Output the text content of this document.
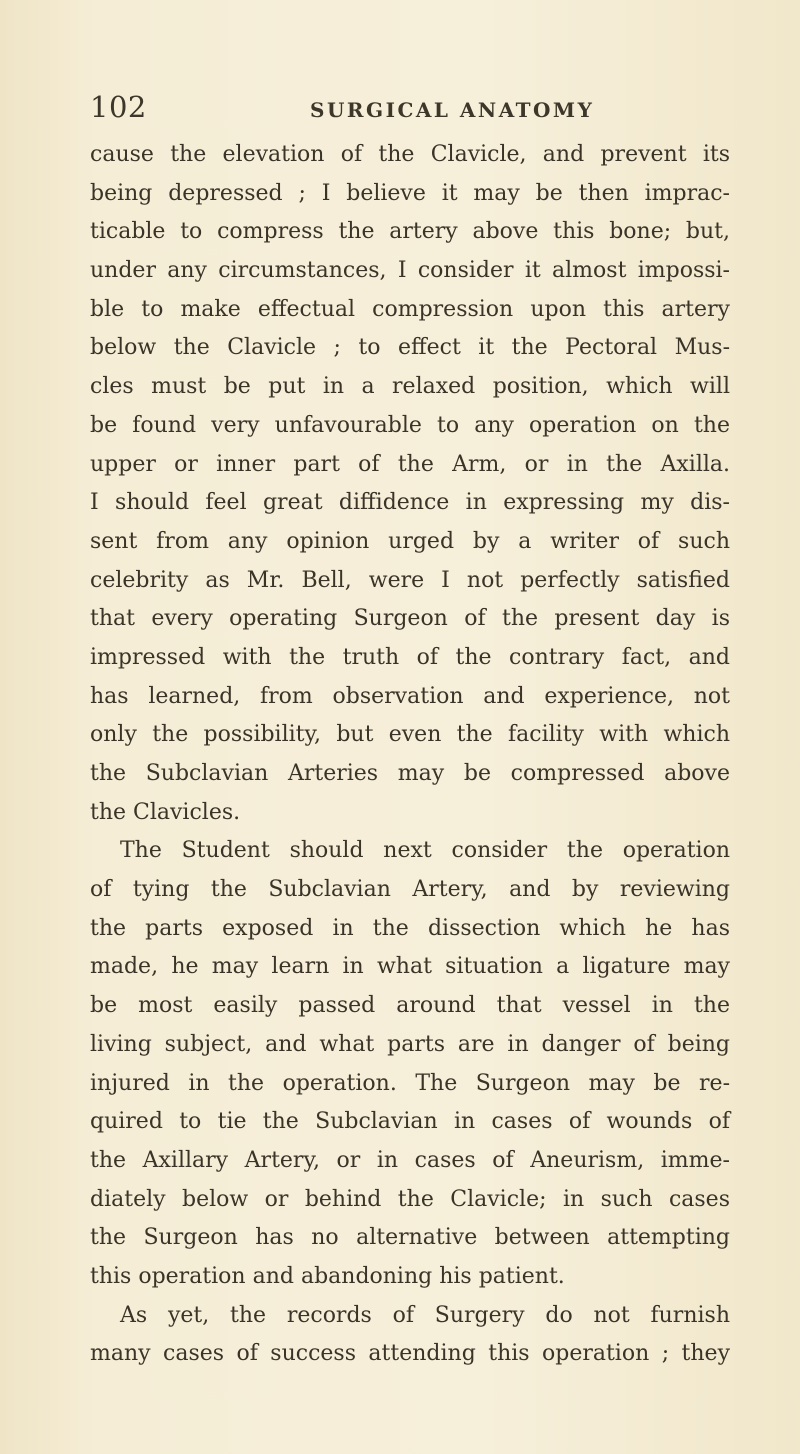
102	SURGICAL ANATOMY
cause the elevation of the Clavicle, and prevent its
being depressed ; I believe it may be then imprac-
ticable to compress the artery above this bone; but,
under any circumstances, I consider it almost impossi-
ble to make effectual compression upon this artery
below the Clavicle ; to effect it the Pectoral Mus-
cles must be put in a relaxed position, which will
be found very unfavourable to any operation on the
upper or inner part of the Arm, or in the Axilla.
I should feel great diffidence in expressing my dis-
sent from any opinion urged by a writer of such
celebrity as Mr. Bell, were I not perfectly satisfied
that every operating Surgeon of the present day is
impressed with the truth of the contrary fact, and
has learned, from observation and experience, not
only the possibility, but even the facility with which
the Subclavian Arteries may be compressed above
the Clavicles.
The Student should next consider the operation
of tying the Subclavian Artery, and by reviewing
the parts exposed in the dissection which he has
made, he may learn in what situation a ligature may
be most easily passed around that vessel in the
living subject, and what parts are in danger of being
injured in the operation. The Surgeon may be re-
quired to tie the Subclavian in cases of wounds of
the Axillary Artery, or in cases of Aneurism, imme-
diately below or behind the Clavicle; in such cases
the Surgeon has no alternative between attempting
this operation and abandoning his patient.
As yet, the records of Surgery do not furnish
many cases of success attending this operation ; they
